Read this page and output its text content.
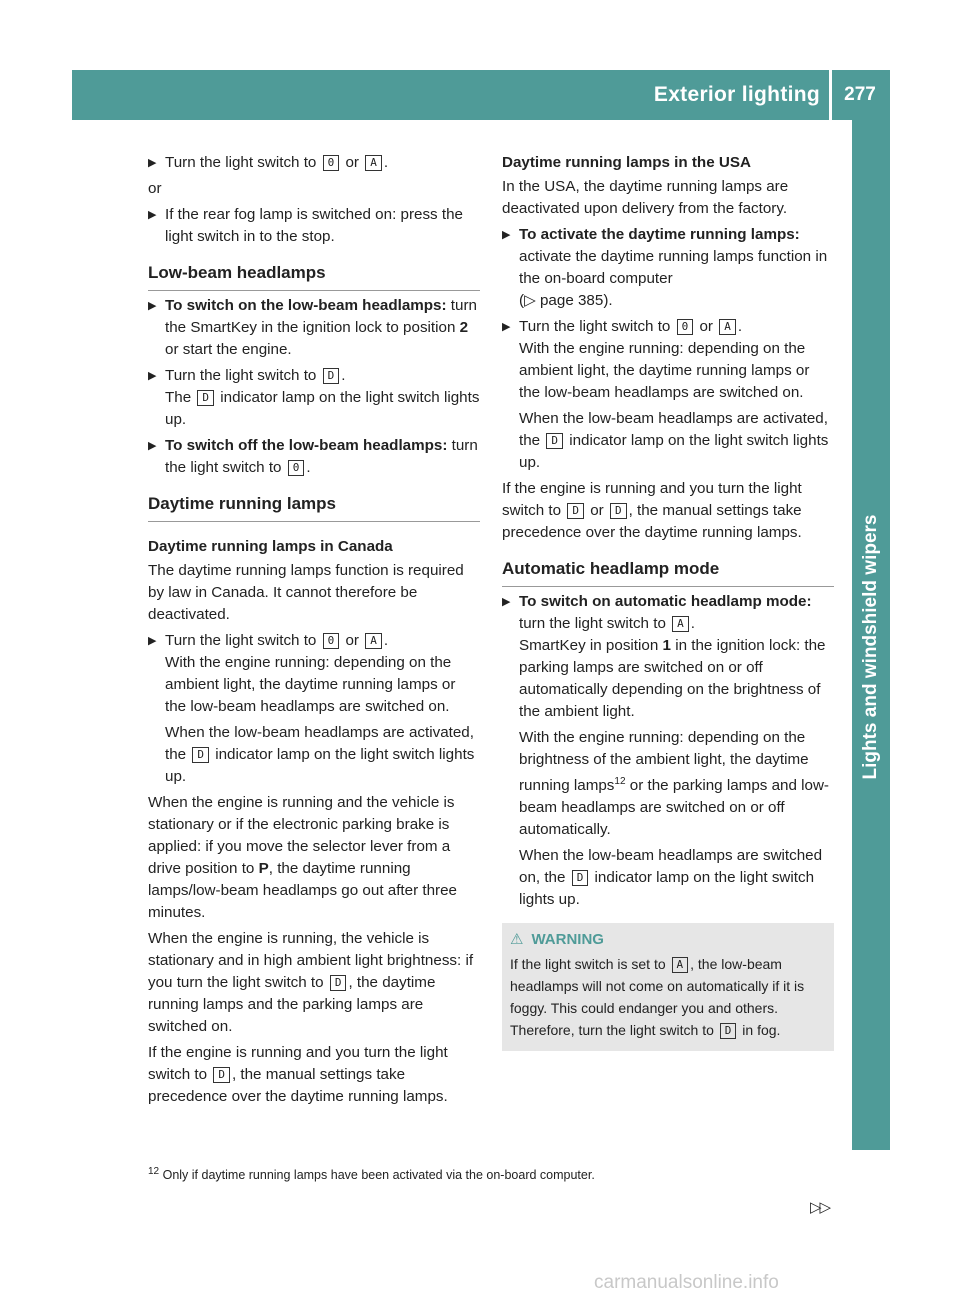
Exterior lighting	277
Lights and windshield wipers
▶ Turn the light switch to 0 or A .
or
▶ If the rear fog lamp is switched on: press the light switch in to the stop.
Low-beam headlamps
▶ To switch on the low-beam headlamps: turn the SmartKey in the ignition lock to position 2 or start the engine.
▶ Turn the light switch to D .
The D indicator lamp on the light switch lights up.
▶ To switch off the low-beam headlamps: turn the light switch to 0 .
Daytime running lamps
Daytime running lamps in Canada
The daytime running lamps function is required by law in Canada. It cannot therefore be deactivated.
▶ Turn the light switch to 0 or A .
With the engine running: depending on the ambient light, the daytime running lamps or the low-beam headlamps are switched on.
When the low-beam headlamps are activated, the D indicator lamp on the light switch lights up.
When the engine is running and the vehicle is stationary or if the electronic parking brake is applied: if you move the selector lever from a drive position to P, the daytime running lamps/low-beam headlamps go out after three minutes.
When the engine is running, the vehicle is stationary and in high ambient light brightness: if you turn the light switch to D , the daytime running lamps and the parking lamps are switched on.
If the engine is running and you turn the light switch to D , the manual settings take precedence over the daytime running lamps.
Daytime running lamps in the USA
In the USA, the daytime running lamps are deactivated upon delivery from the factory.
▶ To activate the daytime running lamps: activate the daytime running lamps function in the on-board computer
(▷ page 385).
▶ Turn the light switch to 0 or A .
With the engine running: depending on the ambient light, the daytime running lamps or the low-beam headlamps are switched on.
When the low-beam headlamps are activated, the D indicator lamp on the light switch lights up.
If the engine is running and you turn the light switch to D or D , the manual settings take precedence over the daytime running lamps.
Automatic headlamp mode
▶ To switch on automatic headlamp mode: turn the light switch to A .
SmartKey in position 1 in the ignition lock: the parking lamps are switched on or off automatically depending on the brightness of the ambient light.
With the engine running: depending on the brightness of the ambient light, the daytime running lamps$^{12}$ or the parking lamps and low-beam headlamps are switched on or off automatically.
When the low-beam headlamps are switched on, the D indicator lamp on the light switch lights up.
⚠ WARNING
If the light switch is set to A , the low-beam headlamps will not come on automatically if it is foggy. This could endanger you and others. Therefore, turn the light switch to D in fog.
$^{12}$ Only if daytime running lamps have been activated via the on-board computer.
▷▷
carmanualsonline.info
